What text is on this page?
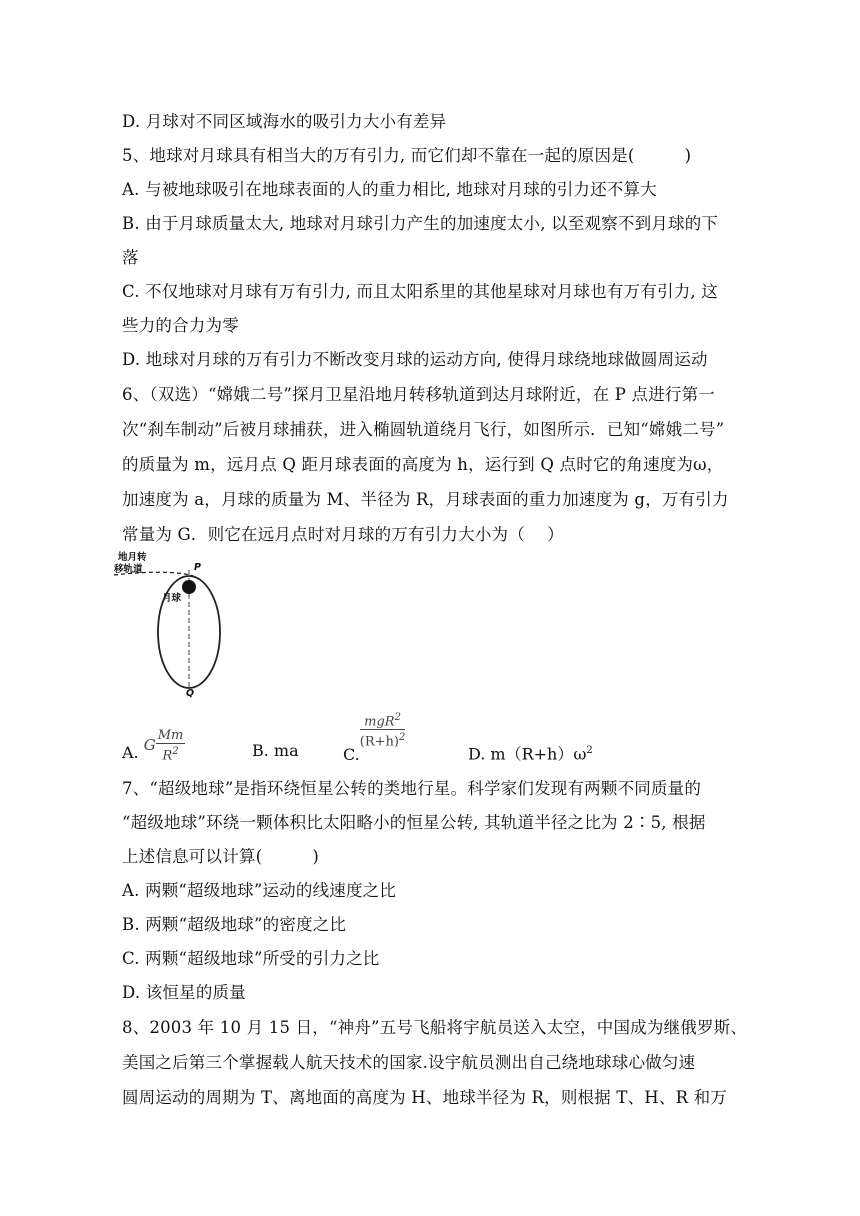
D. 月球对不同区域海水的吸引力大小有差异
5、地球对月球具有相当大的万有引力, 而它们却不靠在一起的原因是(　　　)
A. 与被地球吸引在地球表面的人的重力相比, 地球对月球的引力还不算大
B. 由于月球质量太大, 地球对月球引力产生的加速度太小, 以至观察不到月球的下
落
C. 不仅地球对月球有万有引力, 而且太阳系里的其他星球对月球也有万有引力, 这
些力的合力为零
D. 地球对月球的万有引力不断改变月球的运动方向, 使得月球绕地球做圆周运动
6、（双选）“嫦娥二号”探月卫星沿地月转移轨道到达月球附近，在 P 点进行第一
次“刹车制动”后被月球捕获，进入椭圆轨道绕月飞行，如图所示．已知“嫦娥二号”
的质量为 m，远月点 Q 距月球表面的高度为 h，运行到 Q 点时它的角速度为ω，
加速度为 a，月球的质量为 M、半径为 R，月球表面的重力加速度为 g，万有引力
常量为 G．则它在远月点时对月球的万有引力大小为（　 ）
地月转
移轨道
月球
P
Q
A. G $\frac{Mm}{R^2}$	B. ma	C.
$\frac{mgR^2}{(R+h)^2}$
D. $m(R+h)\omega^2$
7、“超级地球”是指环绕恒星公转的类地行星。科学家们发现有两颗不同质量的
“超级地球”环绕一颗体积比太阳略小的恒星公转, 其轨道半径之比为 2∶5, 根据
上述信息可以计算(　　　)
A. 两颗“超级地球”运动的线速度之比
B. 两颗“超级地球”的密度之比
C. 两颗“超级地球”所受的引力之比
D. 该恒星的质量
8、2003 年 10 月 15 日，“神舟”五号飞船将宇航员送入太空，中国成为继俄罗斯、
美国之后第三个掌握载人航天技术的国家.设宇航员测出自己绕地球球心做匀速
圆周运动的周期为 T、离地面的高度为 H、地球半径为 R，则根据 T、H、R 和万
